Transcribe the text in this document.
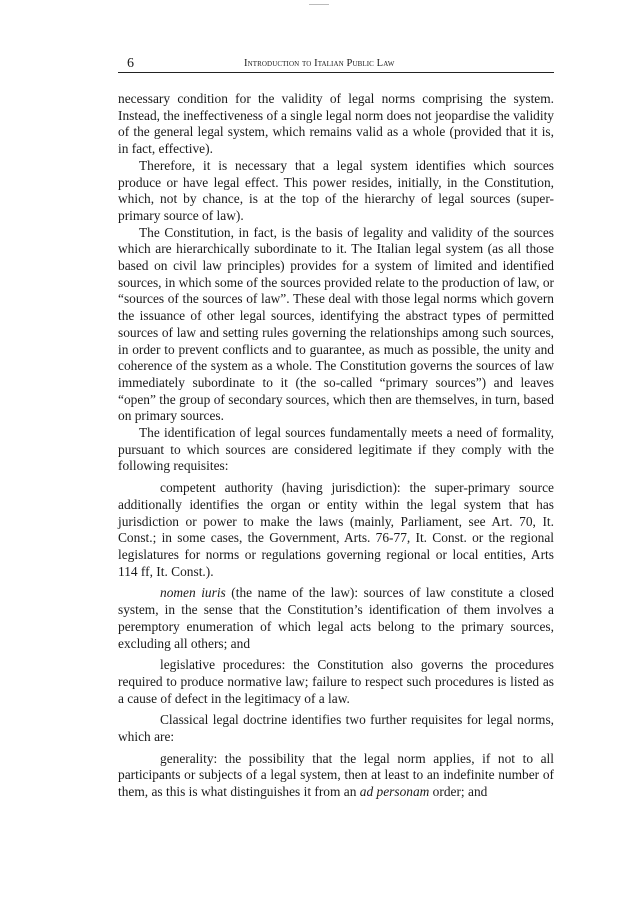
6	Introduction to Italian Public Law

necessary condition for the validity of legal norms comprising the system. Instead, the ineffectiveness of a single legal norm does not jeopardise the validity of the general legal system, which remains valid as a whole (provided that it is, in fact, effective).

Therefore, it is necessary that a legal system identifies which sources produce or have legal effect. This power resides, initially, in the Constitution, which, not by chance, is at the top of the hierarchy of legal sources (super-primary source of law).

The Constitution, in fact, is the basis of legality and validity of the sources which are hierarchically subordinate to it. The Italian legal system (as all those based on civil law principles) provides for a system of limited and identified sources, in which some of the sources provided relate to the production of law, or “sources of the sources of law”. These deal with those legal norms which govern the issuance of other legal sources, identifying the abstract types of permitted sources of law and setting rules governing the relationships among such sources, in order to prevent conflicts and to guarantee, as much as possible, the unity and coherence of the system as a whole. The Constitution governs the sources of law immediately subordinate to it (the so-called “primary sources”) and leaves “open” the group of secondary sources, which then are themselves, in turn, based on primary sources.

The identification of legal sources fundamentally meets a need of formality, pursuant to which sources are considered legitimate if they comply with the following requisites:

competent authority (having jurisdiction): the super-primary source additionally identifies the organ or entity within the legal system that has jurisdiction or power to make the laws (mainly, Parliament, see Art. 70, It. Const.; in some cases, the Government, Arts. 76-77, It. Const. or the regional legislatures for norms or regulations governing regional or local entities, Arts 114 ff, It. Const.).

nomen iuris (the name of the law): sources of law constitute a closed system, in the sense that the Constitution’s identification of them involves a peremptory enumeration of which legal acts belong to the primary sources, excluding all others; and

legislative procedures: the Constitution also governs the procedures required to produce normative law; failure to respect such procedures is listed as a cause of defect in the legitimacy of a law.

Classical legal doctrine identifies two further requisites for legal norms, which are:

generality: the possibility that the legal norm applies, if not to all participants or subjects of a legal system, then at least to an indefinite number of them, as this is what distinguishes it from an ad personam order; and
